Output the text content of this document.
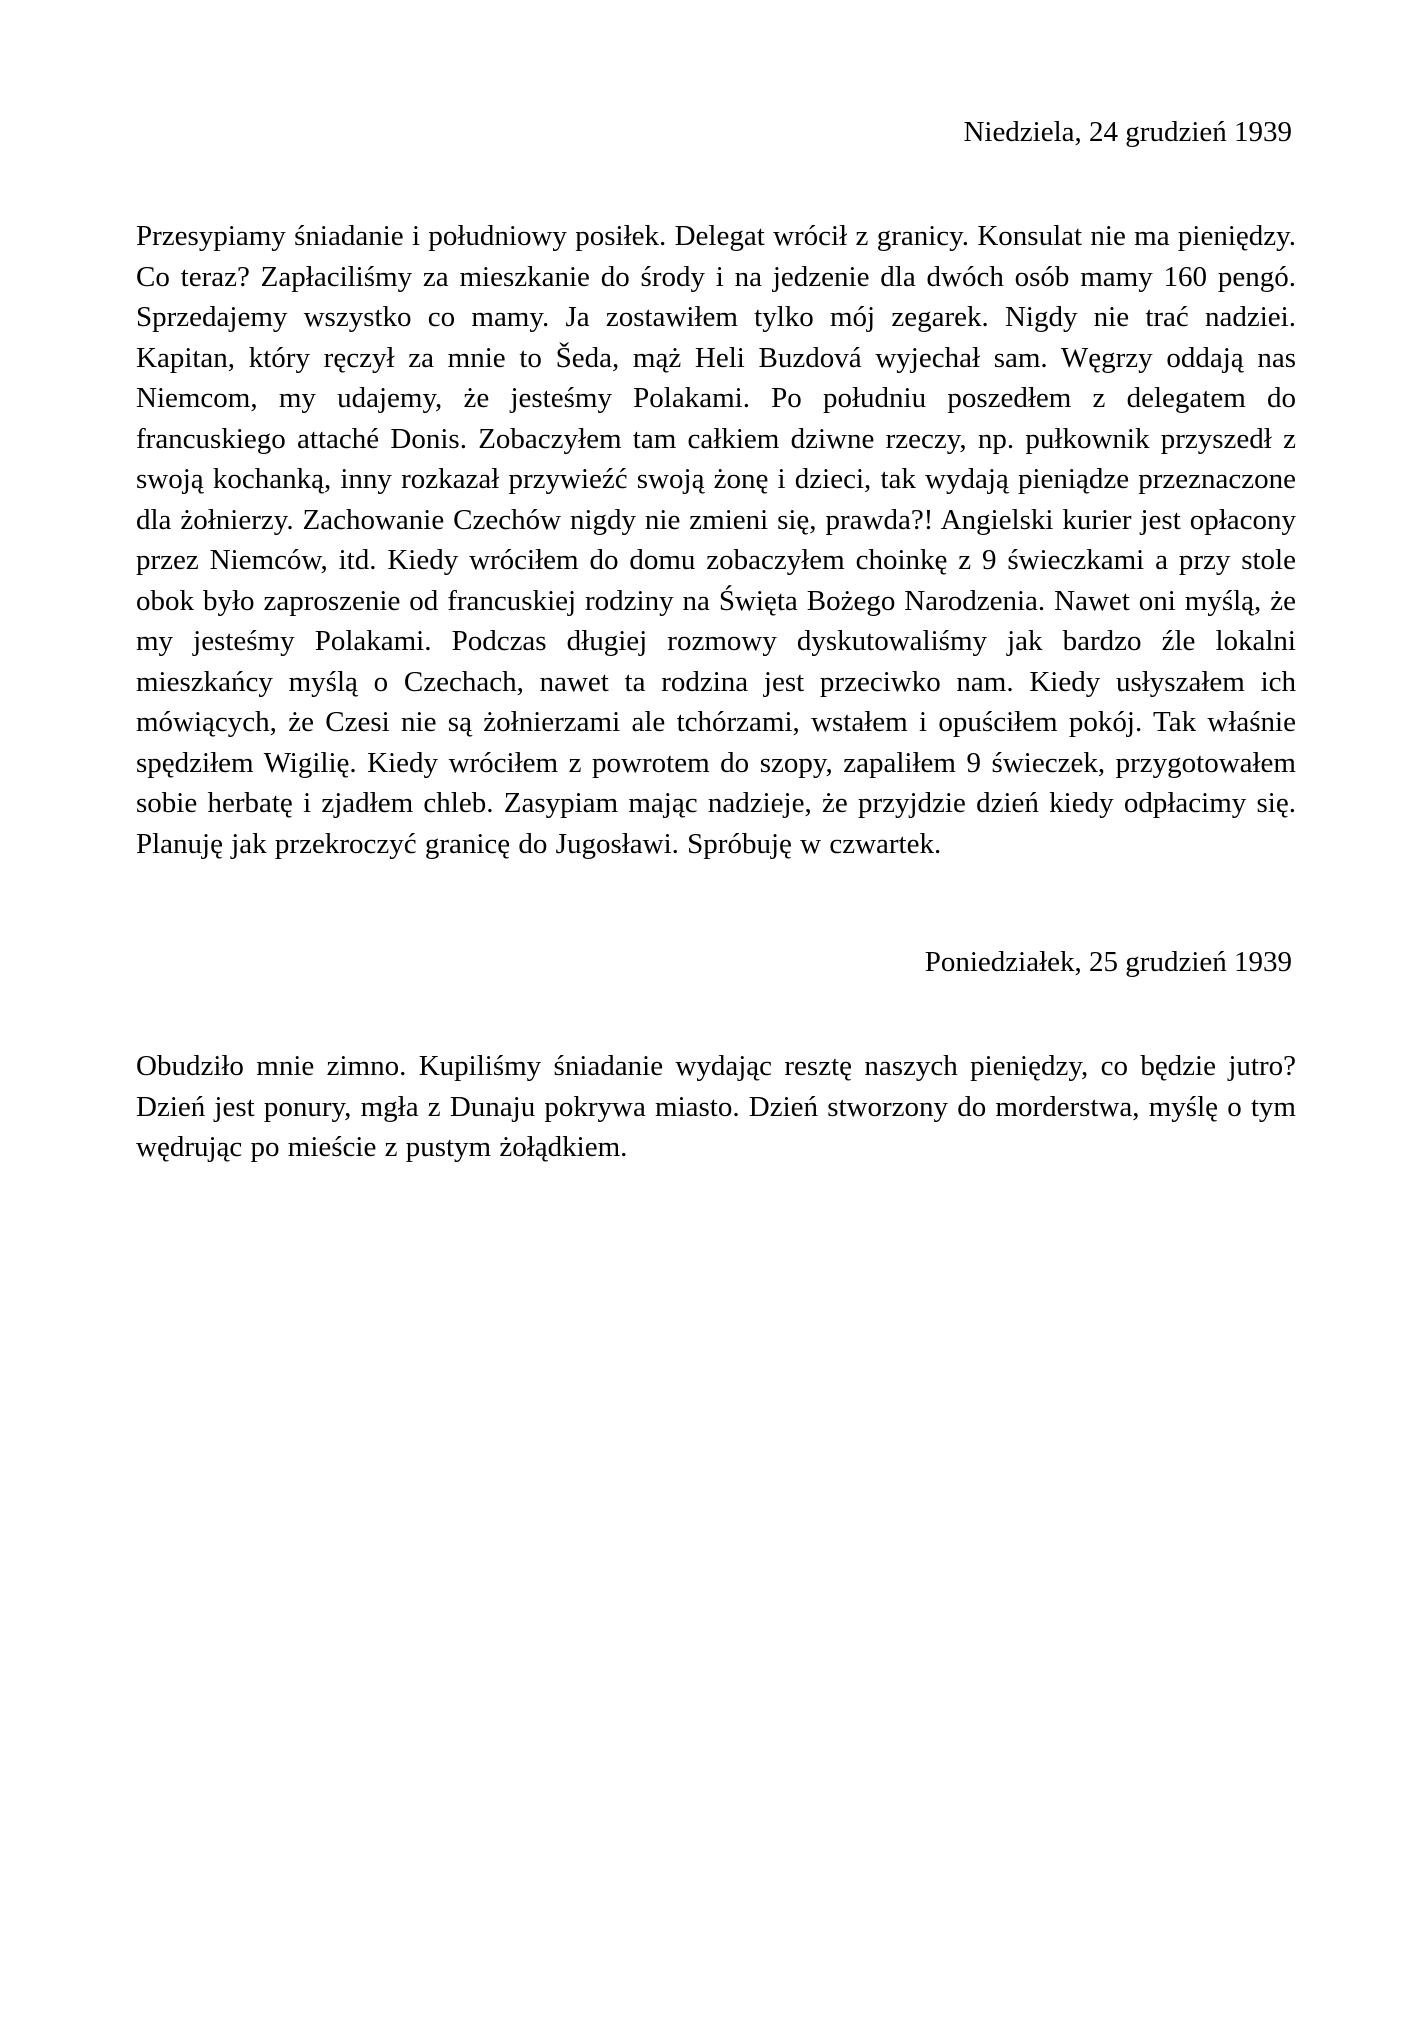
Niedziela, 24 grudzień 1939

Przesypiamy śniadanie i południowy posiłek. Delegat wrócił z granicy. Konsulat nie ma pieniędzy. Co teraz? Zapłaciliśmy za mieszkanie do środy i na jedzenie dla dwóch osób mamy 160 pengó. Sprzedajemy wszystko co mamy. Ja zostawiłem tylko mój zegarek. Nigdy nie trać nadziei. Kapitan, który ręczył za mnie to Šeda, mąż Heli Buzdová wyjechał sam. Węgrzy oddają nas Niemcom, my udajemy, że jesteśmy Polakami. Po południu poszedłem z delegatem do francuskiego attaché Donis. Zobaczyłem tam całkiem dziwne rzeczy, np. pułkownik przyszedł z swoją kochanką, inny rozkazał przywieźć swoją żonę i dzieci, tak wydają pieniądze przeznaczone dla żołnierzy. Zachowanie Czechów nigdy nie zmieni się, prawda?! Angielski kurier jest opłacony przez Niemców, itd. Kiedy wróciłem do domu zobaczyłem choinkę z 9 świeczkami a przy stole obok było zaproszenie od francuskiej rodziny na Święta Bożego Narodzenia. Nawet oni myślą, że my jesteśmy Polakami. Podczas długiej rozmowy dyskutowaliśmy jak bardzo źle lokalni mieszkańcy myślą o Czechach, nawet ta rodzina jest przeciwko nam. Kiedy usłyszałem ich mówiących, że Czesi nie są żołnierzami ale tchórzami, wstałem i opuściłem pokój. Tak właśnie spędziłem Wigilię. Kiedy wróciłem z powrotem do szopy, zapaliłem 9 świeczek, przygotowałem sobie herbatę i zjadłem chleb. Zasypiam mając nadzieje, że przyjdzie dzień kiedy odpłacimy się. Planuję jak przekroczyć granicę do Jugosławi. Spróbuję w czwartek.

Poniedziałek, 25 grudzień 1939

Obudziło mnie zimno. Kupiliśmy śniadanie wydając resztę naszych pieniędzy, co będzie jutro? Dzień jest ponury, mgła z Dunaju pokrywa miasto. Dzień stworzony do morderstwa, myślę o tym wędrując po mieście z pustym żołądkiem.
